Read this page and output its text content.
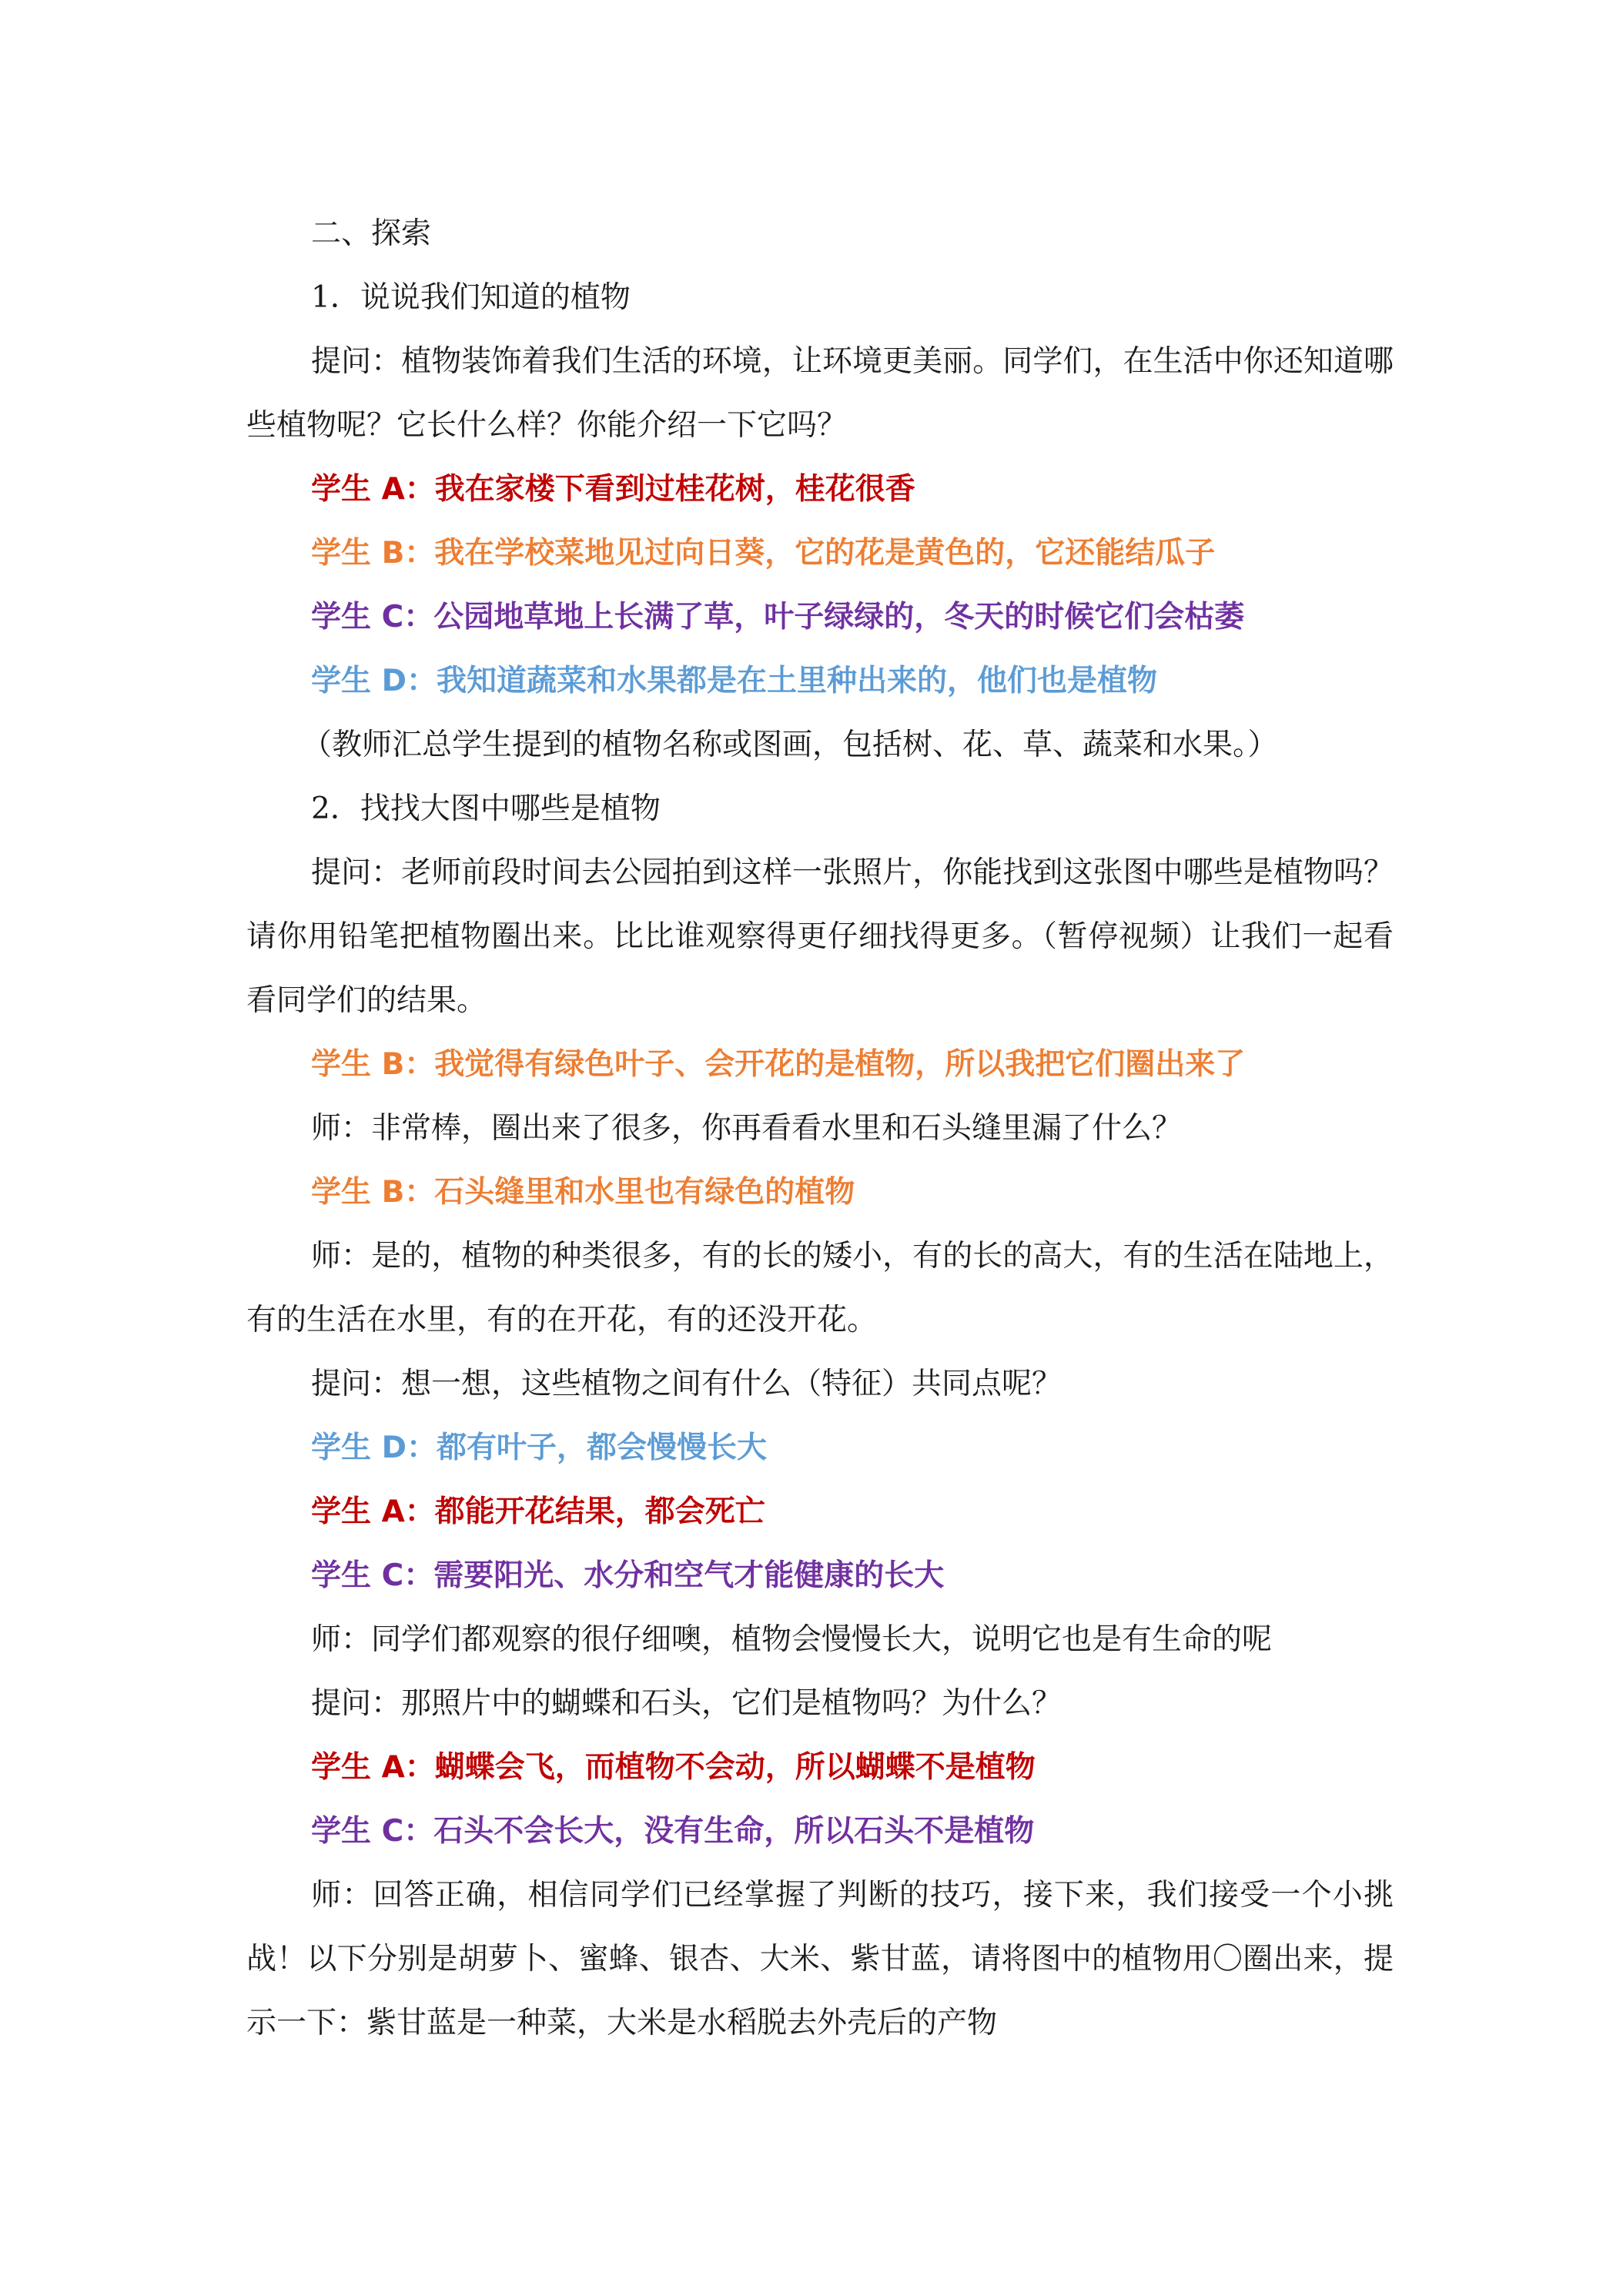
二、探索
1．说说我们知道的植物

提问：植物装饰着我们生活的环境，让环境更美丽。同学们，在生活中你还知道哪些植物呢？它长什么样？你能介绍一下它吗？

学生 A：我在家楼下看到过桂花树，桂花很香
学生 B：我在学校菜地见过向日葵，它的花是黄色的，它还能结瓜子
学生 C：公园地草地上长满了草，叶子绿绿的，冬天的时候它们会枯萎
学生 D：我知道蔬菜和水果都是在土里种出来的，他们也是植物
（教师汇总学生提到的植物名称或图画，包括树、花、草、蔬菜和水果。）
2．找找大图中哪些是植物

提问：老师前段时间去公园拍到这样一张照片，你能找到这张图中哪些是植物吗？请你用铅笔把植物圈出来。比比谁观察得更仔细找得更多。（暂停视频）让我们一起看看同学们的结果。

学生 B：我觉得有绿色叶子、会开花的是植物，所以我把它们圈出来了
师：非常棒，圈出来了很多，你再看看水里和石头缝里漏了什么？
学生 B：石头缝里和水里也有绿色的植物

师：是的，植物的种类很多，有的长的矮小，有的长的高大，有的生活在陆地上，有的生活在水里，有的在开花，有的还没开花。

提问：想一想，这些植物之间有什么（特征）共同点呢？
学生 D：都有叶子，都会慢慢长大
学生 A：都能开花结果，都会死亡
学生 C：需要阳光、水分和空气才能健康的长大
师：同学们都观察的很仔细噢，植物会慢慢长大，说明它也是有生命的呢
提问：那照片中的蝴蝶和石头，它们是植物吗？为什么？
学生 A：蝴蝶会飞，而植物不会动，所以蝴蝶不是植物
学生 C：石头不会长大，没有生命，所以石头不是植物

师：回答正确，相信同学们已经掌握了判断的技巧，接下来，我们接受一个小挑战！以下分别是胡萝卜、蜜蜂、银杏、大米、紫甘蓝，请将图中的植物用〇圈出来，提示一下：紫甘蓝是一种菜，大米是水稻脱去外壳后的产物
